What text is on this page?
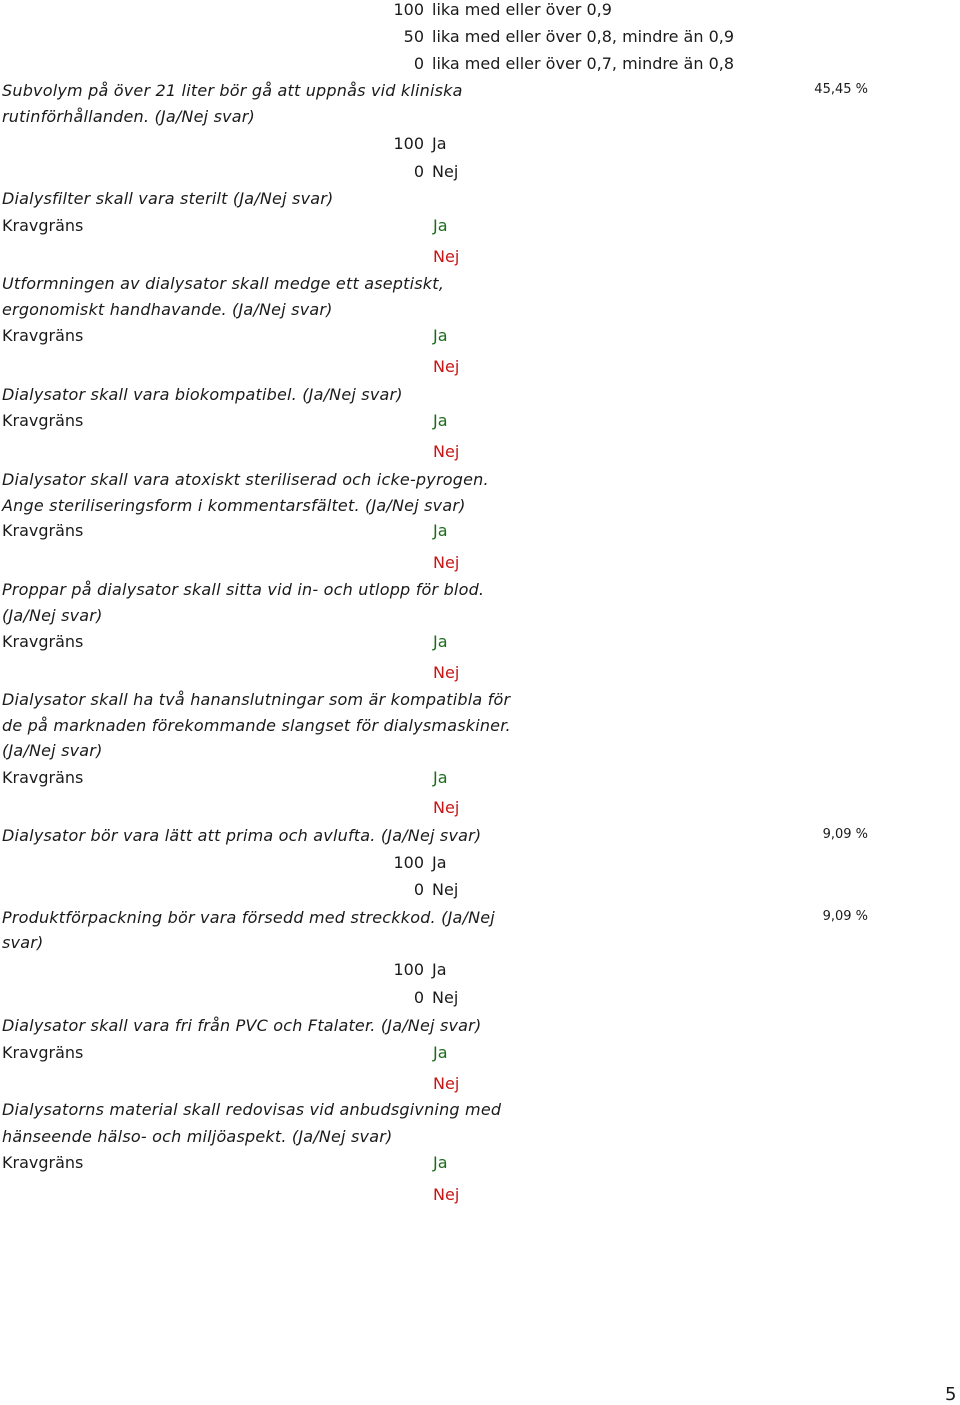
100 lika med eller över 0,9
50 lika med eller över 0,8, mindre än 0,9
0 lika med eller över 0,7, mindre än 0,8
Subvolym på över 21 liter bör gå att uppnås vid kliniska
rutinförhållanden. (Ja/Nej svar)
45,45 %
100 Ja
0 Nej
Dialysfilter skall vara sterilt (Ja/Nej svar)
Kravgräns	Ja
Nej
Utformningen av dialysator skall medge ett aseptiskt,
ergonomiskt handhavande. (Ja/Nej svar)
Kravgräns	Ja
Nej
Dialysator skall vara biokompatibel. (Ja/Nej svar)
Kravgräns	Ja
Nej
Dialysator skall vara atoxiskt steriliserad och icke-pyrogen.
Ange steriliseringsform i kommentarsfältet. (Ja/Nej svar)
Kravgräns	Ja
Nej
Proppar på dialysator skall sitta vid in- och utlopp för blod.
(Ja/Nej svar)
Kravgräns	Ja
Nej
Dialysator skall ha två hananslutningar som är kompatibla för
de på marknaden förekommande slangset för dialysmaskiner.
(Ja/Nej svar)
Kravgräns	Ja
Nej
Dialysator bör vara lätt att prima och avlufta. (Ja/Nej svar)	9,09 %
100 Ja
0 Nej
Produktförpackning bör vara försedd med streckkod. (Ja/Nej
svar)
9,09 %
100 Ja
0 Nej
Dialysator skall vara fri från PVC och Ftalater. (Ja/Nej svar)
Kravgräns	Ja
Nej
Dialysatorns material skall redovisas vid anbudsgivning med
hänseende hälso- och miljöaspekt. (Ja/Nej svar)
Kravgräns	Ja
Nej
5
